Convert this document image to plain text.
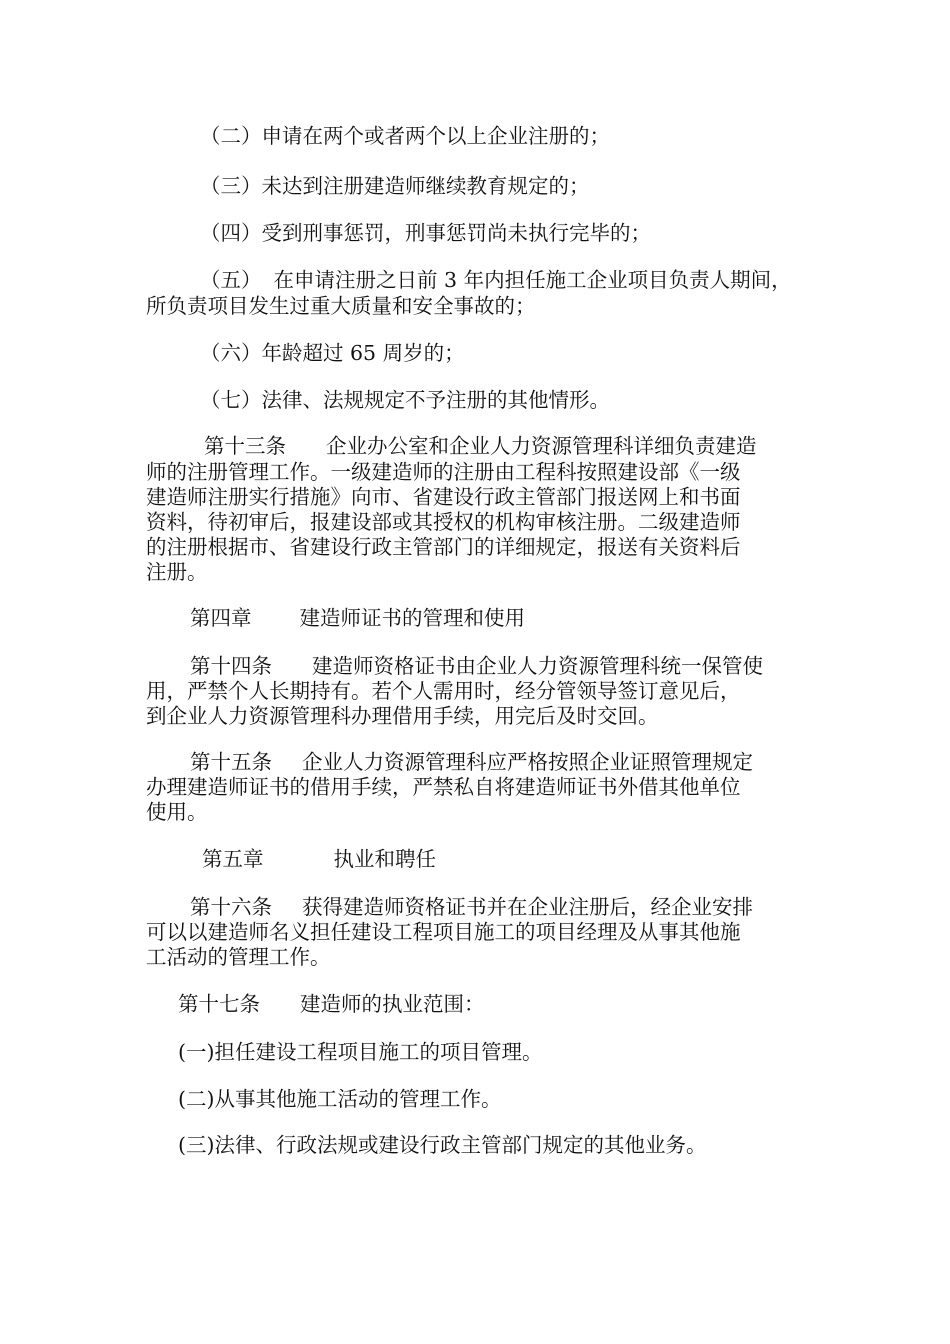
（二）申请在两个或者两个以上企业注册的；
（三）未达到注册建造师继续教育规定的；
（四）受到刑事惩罚，刑事惩罚尚未执行完毕的；
（五） 在申请注册之日前 3 年内担任施工企业项目负责人期间，
所负责项目发生过重大质量和安全事故的；
（六）年龄超过 65 周岁的；
（七）法律、法规规定不予注册的其他情形。
第十三条 企业办公室和企业人力资源管理科详细负责建造
师的注册管理工作。一级建造师的注册由工程科按照建设部《一级
建造师注册实行措施》向市、省建设行政主管部门报送网上和书面
资料，待初审后，报建设部或其授权的机构审核注册。二级建造师
的注册根据市、省建设行政主管部门的详细规定，报送有关资料后
注册。
第四章 建造师证书的管理和使用
第十四条 建造师资格证书由企业人力资源管理科统一保管使
用，严禁个人长期持有。若个人需用时，经分管领导签订意见后，
到企业人力资源管理科办理借用手续，用完后及时交回。
第十五条 企业人力资源管理科应严格按照企业证照管理规定
办理建造师证书的借用手续，严禁私自将建造师证书外借其他单位
使用。
第五章	执业和聘任
第十六条 获得建造师资格证书并在企业注册后，经企业安排
可以以建造师名义担任建设工程项目施工的项目经理及从事其他施
工活动的管理工作。
第十七条 建造师的执业范围：
(一)担任建设工程项目施工的项目管理。
(二)从事其他施工活动的管理工作。
(三)法律、行政法规或建设行政主管部门规定的其他业务。
